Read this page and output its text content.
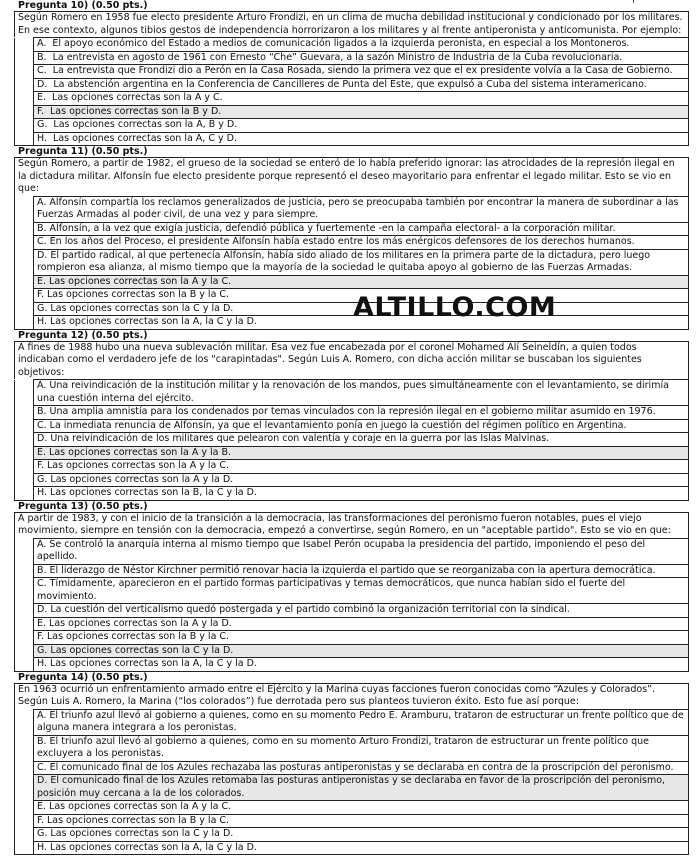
Pregunta 10) (0.50 pts.)
Según Romero en 1958 fue electo presidente Arturo Frondizi, en un clima de mucha debilidad institucional y condicionado por los militares. En ese contexto, algunos tibios gestos de independencia horrorizaron a los militares y al frente antiperonista y anticomunista. Por ejemplo:
	A.  El apoyo económico del Estado a medios de comunicación ligados a la izquierda peronista, en especial a los Montoneros.
	B.  La entrevista en agosto de 1961 con Ernesto “Che” Guevara, a la sazón Ministro de Industria de la Cuba revolucionaria.
	C.  La entrevista que Frondizi dio a Perón en la Casa Rosada, siendo la primera vez que el ex presidente volvía a la Casa de Gobierno.
	D.  La abstención argentina en la Conferencia de Cancilleres de Punta del Este, que expulsó a Cuba del sistema interamericano.
	E.  Las opciones correctas son la A y C.
	F.  Las opciones correctas son la B y D.
	G.  Las opciones correctas son la A, B y D.
	H.  Las opciones correctas son la A, C y D.
Pregunta 11) (0.50 pts.)
Según Romero, a partir de 1982, el grueso de la sociedad se enteró de lo había preferido ignorar: las atrocidades de la represión ilegal en la dictadura militar. Alfonsín fue electo presidente porque representó el deseo mayoritario para enfrentar el legado militar. Esto se vio en que:
	A. Alfonsín compartía los reclamos generalizados de justicia, pero se preocupaba también por encontrar la manera de subordinar a las Fuerzas Armadas al poder civil, de una vez y para siempre.
	B. Alfonsín, a la vez que exigía justicia, defendió pública y fuertemente -en la campaña electoral- a la corporación militar.
	C. En los años del Proceso, el presidente Alfonsín había estado entre los más enérgicos defensores de los derechos humanos.
	D. El partido radical, al que pertenecía Alfonsín, había sido aliado de los militares en la primera parte de la dictadura, pero luego rompieron esa alianza, al mismo tiempo que la mayoría de la sociedad le quitaba apoyo al gobierno de las Fuerzas Armadas.
	E. Las opciones correctas son la A y la C.
	F. Las opciones correctas son la B y la C.
	G. Las opciones correctas son la C y la D.
	H. Las opciones correctas son la A, la C y la D.
Pregunta 12) (0.50 pts.)
A fines de 1988 hubo una nueva sublevación militar. Esa vez fue encabezada por el coronel Mohamed Alí Seineldín, a quien todos indicaban como el verdadero jefe de los "carapintadas". Según Luis A. Romero, con dicha acción militar se buscaban los siguientes objetivos:
	A. Una reivindicación de la institución militar y la renovación de los mandos, pues simultáneamente con el levantamiento, se dirimía una cuestión interna del ejército.
	B. Una amplia amnistía para los condenados por temas vinculados con la represión ilegal en el gobierno militar asumido en 1976.
	C. La inmediata renuncia de Alfonsín, ya que el levantamiento ponía en juego la cuestión del régimen político en Argentina.
	D. Una reivindicación de los militares que pelearon con valentía y coraje en la guerra por las Islas Malvinas.
	E. Las opciones correctas son la A y la B.
	F. Las opciones correctas son la A y la C.
	G. Las opciones correctas son la A y la D.
	H. Las opciones correctas son la B, la C y la D.
Pregunta 13) (0.50 pts.)
A partir de 1983, y con el inicio de la transición a la democracia, las transformaciones del peronismo fueron notables, pues el viejo movimiento, siempre en tensión con la democracia, empezó a convertirse, según Romero, en un "aceptable partido". Esto se vio en que:
	A. Se controló la anarquía interna al mismo tiempo que Isabel Perón ocupaba la presidencia del partido, imponiendo el peso del apellido.
	B. El liderazgo de Néstor Kirchner permitió renovar hacia la izquierda el partido que se reorganizaba con la apertura democrática.
	C. Tímidamente, aparecieron en el partido formas participativas y temas democráticos, que nunca habían sido el fuerte del movimiento.
	D. La cuestión del verticalismo quedó postergada y el partido combinó la organización territorial con la sindical.
	E. Las opciones correctas son la A y la D.
	F. Las opciones correctas son la B y la C.
	G. Las opciones correctas son la C y la D.
	H. Las opciones correctas son la A, la C y la D.
Pregunta 14) (0.50 pts.)
En 1963 ocurrió un enfrentamiento armado entre el Ejército y la Marina cuyas facciones fueron conocidas como “Azules y Colorados”. Según Luis A. Romero, la Marina (“los colorados”) fue derrotada pero sus planteos tuvieron éxito. Esto fue así porque:
	A. El triunfo azul llevó al gobierno a quienes, como en su momento Pedro E. Aramburu, trataron de estructurar un frente político que de alguna manera integrara a los peronistas.
	B. El triunfo azul llevó al gobierno a quienes, como en su momento Arturo Frondizi, trataron de estructurar un frente político que excluyera a los peronistas.
	C. El comunicado final de los Azules rechazaba las posturas antiperonistas y se declaraba en contra de la proscripción del peronismo.
	D. El comunicado final de los Azules retomaba las posturas antiperonistas y se declaraba en favor de la proscripción del peronismo, posición muy cercana a la de los colorados.
	E. Las opciones correctas son la A y la C.
	F. Las opciones correctas son la B y la C.
	G. Las opciones correctas son la C y la D.
	H. Las opciones correctas son la A, la C y la D.
ALTILLO.COM
